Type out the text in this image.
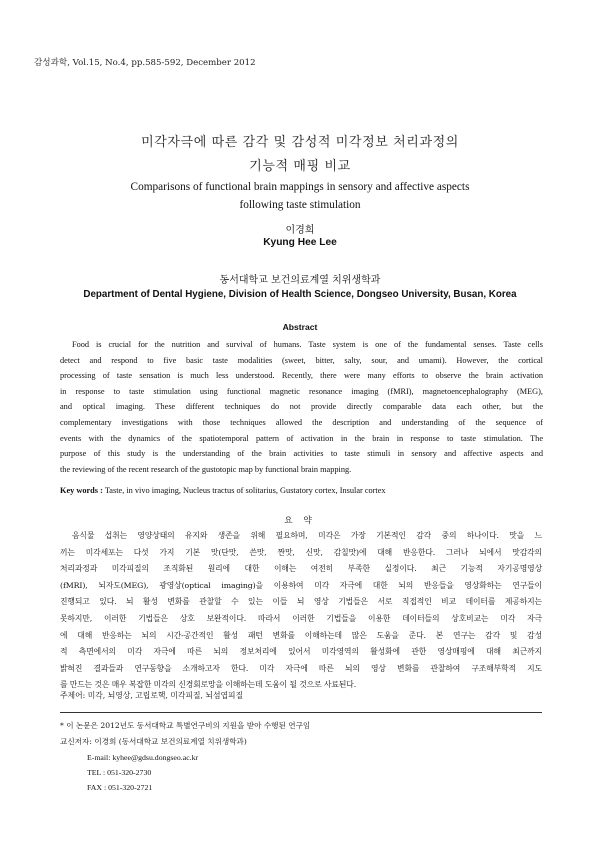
감성과학, Vol.15, No.4, pp.585-592, December 2012
미각자극에 따른 감각 및 감성적 미각정보 처리과정의
기능적 매핑 비교
Comparisons of functional brain mappings in sensory and affective aspects
following taste stimulation
이경희
Kyung Hee Lee
동서대학교 보건의료계열 치위생학과
Department of Dental Hygiene, Division of Health Science, Dongseo University, Busan, Korea
Abstract
Food is crucial for the nutrition and survival of humans. Taste system is one of the fundamental senses. Taste cells
detect and respond to five basic taste modalities (sweet, bitter, salty, sour, and umami). However, the cortical
processing of taste sensation is much less understood. Recently, there were many efforts to observe the brain activation
in response to taste stimulation using functional magnetic resonance imaging (fMRI), magnetoencephalography (MEG),
and optical imaging. These different techniques do not provide directly comparable data each other, but the
complementary investigations with those techniques allowed the description and understanding of the sequence of
events with the dynamics of the spatiotemporal pattern of activation in the brain in response to taste stimulation. The
purpose of this study is the understanding of the brain activities to taste stimuli in sensory and affective aspects and
the reviewing of the recent research of the gustotopic map by functional brain mapping.
Key words : Taste, in vivo imaging, Nucleus tractus of solitarius, Gustatory cortex, Insular cortex
요 약
음식물 섭취는 영양상태의 유지와 생존을 위해 필요하며, 미각은 가장 기본적인 감각 중의 하나이다. 맛을 느
끼는 미각세포는 다섯 가지 기본 맛(단맛, 쓴맛, 짠맛, 신맛, 감칠맛)에 대해 반응한다. 그러나 뇌에서 맛감각의
처리과정과 미각피질의 조직화된 원리에 대한 이해는 여전히 부족한 실정이다. 최근 기능적 자기공명영상
(fMRI), 뇌자도(MEG), 광영상(optical imaging)을 이용하여 미각 자극에 대한 뇌의 반응들을 영상화하는 연구들이
진행되고 있다. 뇌 활성 변화를 관찰할 수 있는 이들 뇌 영상 기법들은 서로 직접적인 비교 데이터를 제공하지는
못하지만, 이러한 기법들은 상호 보완적이다. 따라서 이러한 기법들을 이용한 데이터들의 상호비교는 미각 자극
에 대해 반응하는 뇌의 시간-공간적인 활성 패턴 변화를 이해하는데 많은 도움을 준다. 본 연구는 감각 및 감성
적 측면에서의 미각 자극에 따른 뇌의 정보처리에 있어서 미각영역의 활성화에 관한 영상매핑에 대해 최근까지
밝혀진 결과들과 연구동향을 소개하고자 한다. 미각 자극에 따른 뇌의 영상 변화를 관찰하여 구조해부학적 지도
를 만드는 것은 매우 복잡한 미각의 신경회로망을 이해하는데 도움이 될 것으로 사료된다.
주제어: 미각, 뇌영상, 고립로핵, 미각피질, 뇌섬엽피질
* 이 논문은 2012년도 동서대학교 특별연구비의 지원을 받아 수행된 연구임
교신저자: 이경희 (동서대학교 보건의료계열 치위생학과)
E-mail: kyhee@gdsu.dongseo.ac.kr
TEL : 051-320-2730
FAX : 051-320-2721
